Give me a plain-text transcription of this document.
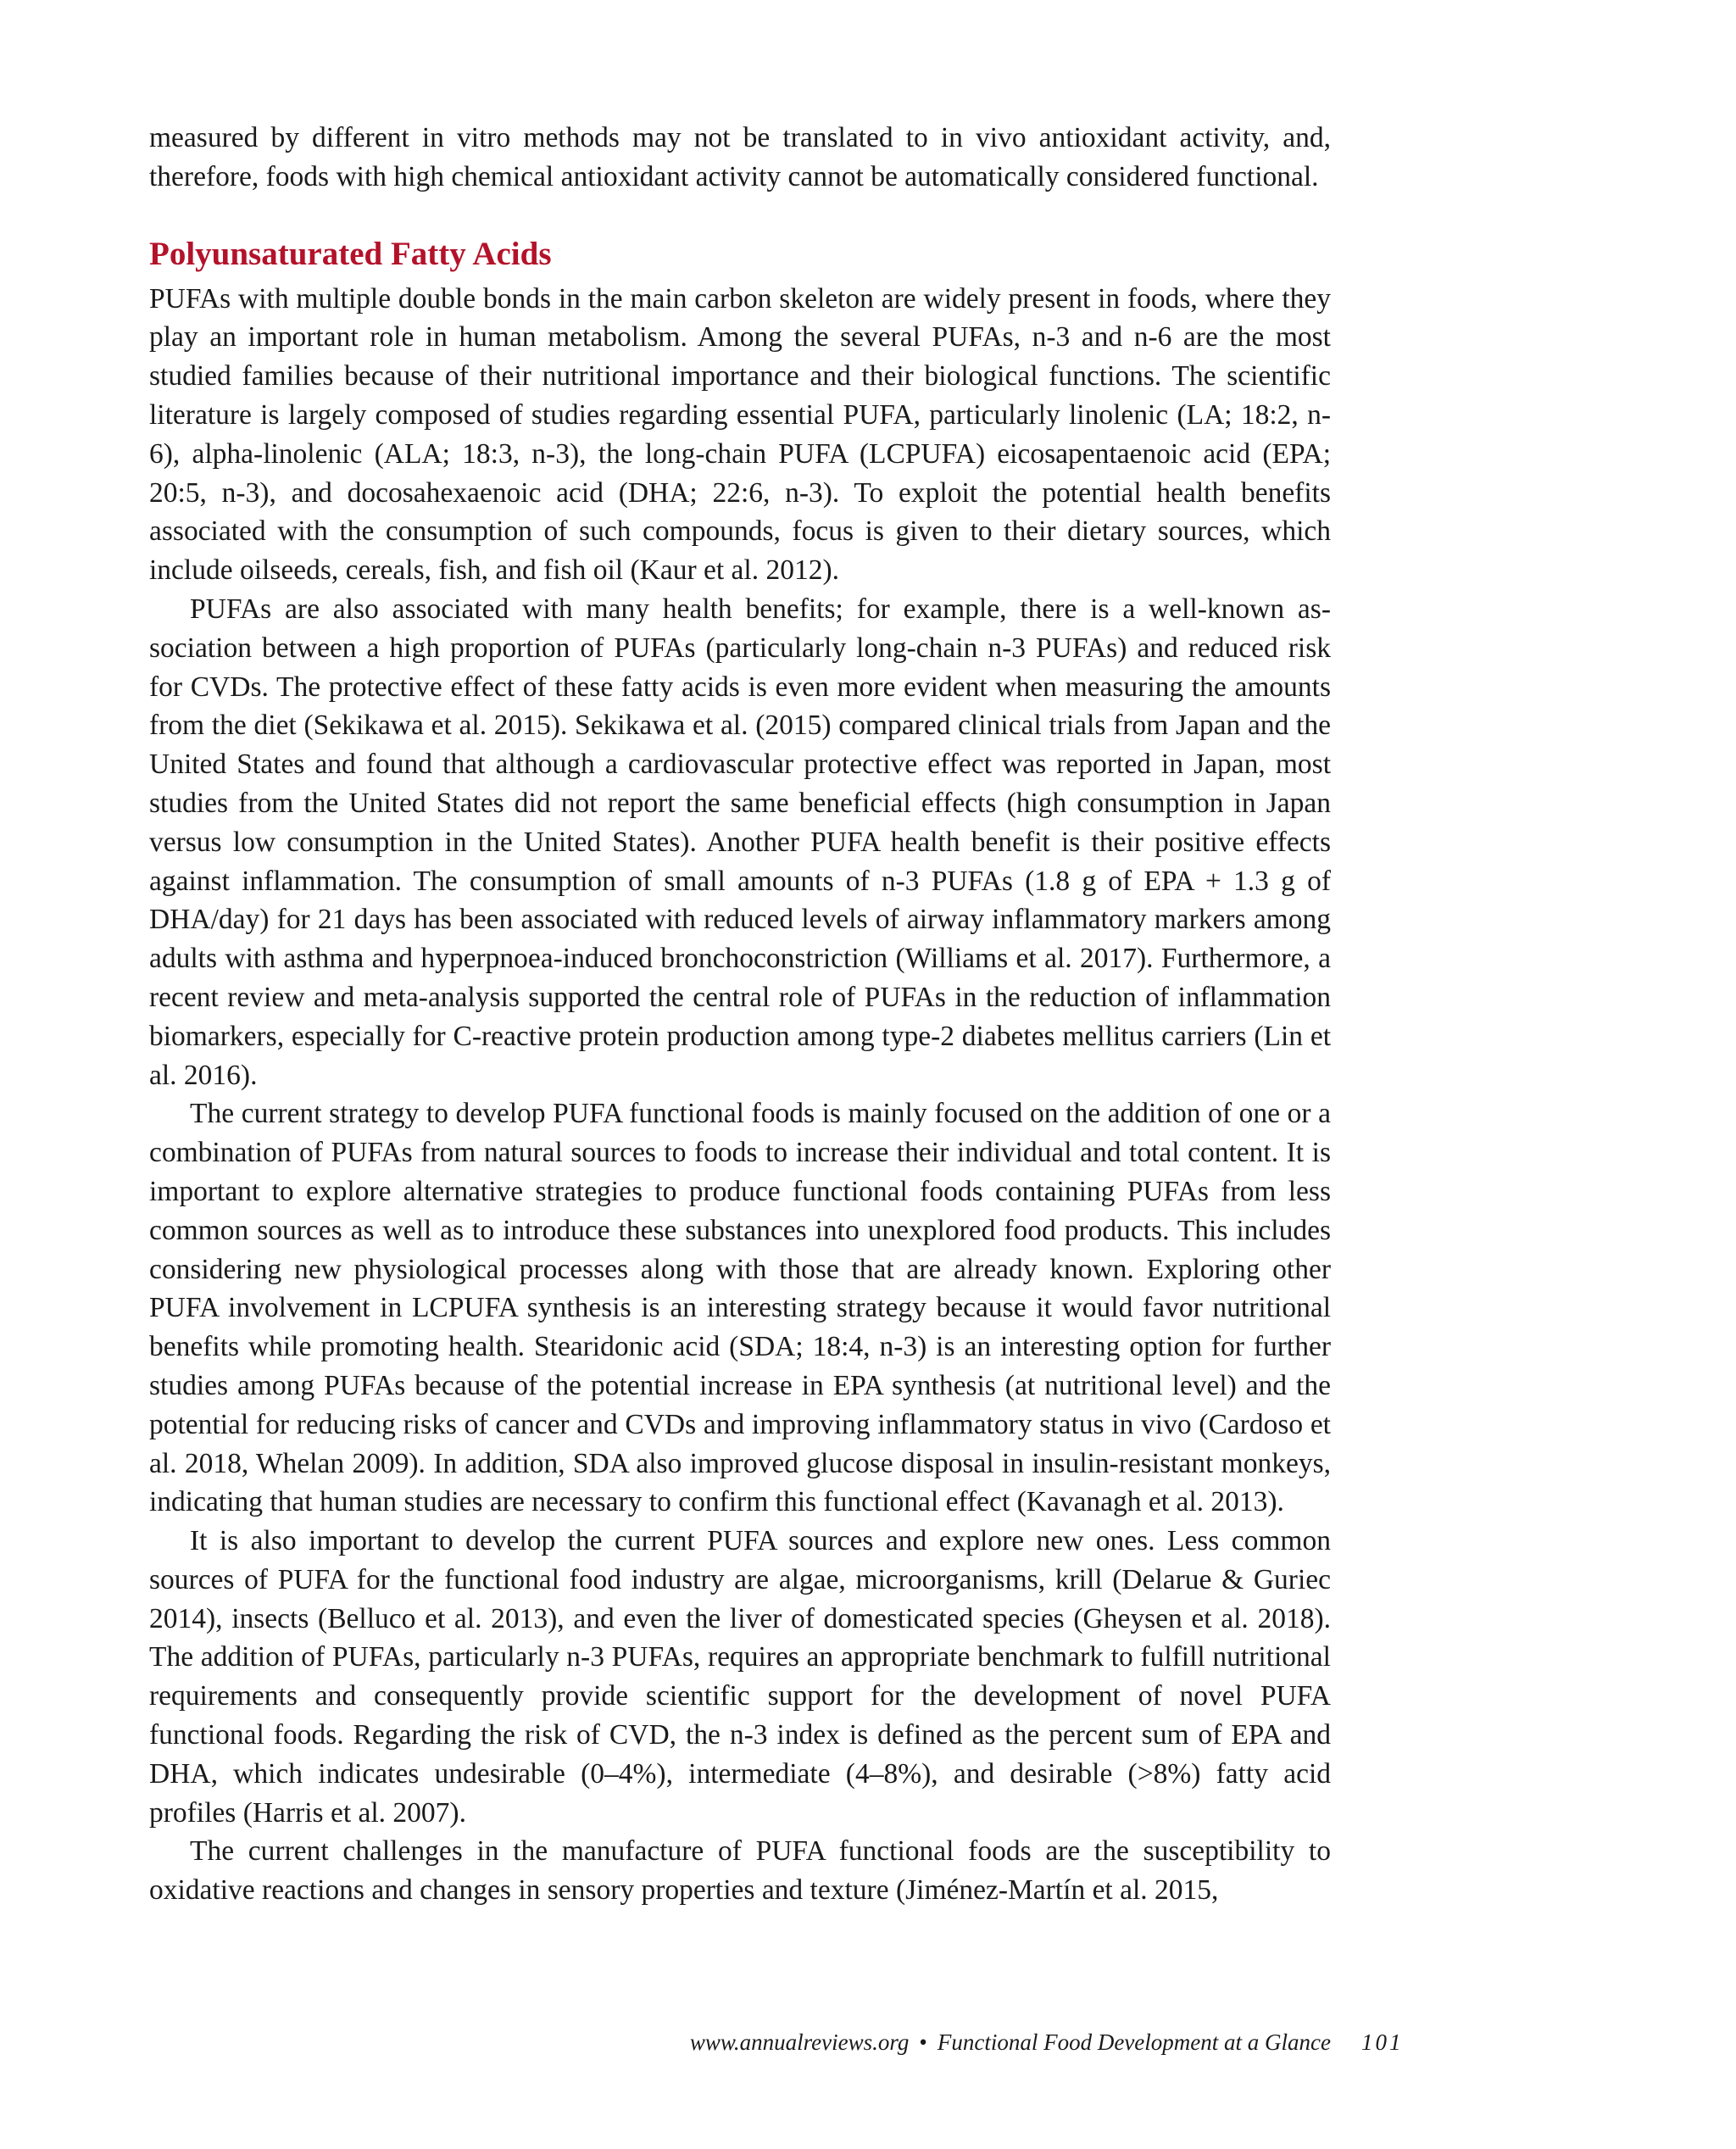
measured by different in vitro methods may not be translated to in vivo antioxidant activity, and, therefore, foods with high chemical antioxidant activity cannot be automatically considered functional.

Polyunsaturated Fatty Acids

PUFAs with multiple double bonds in the main carbon skeleton are widely present in foods, where they play an important role in human metabolism. Among the several PUFAs, n-3 and n-6 are the most studied families because of their nutritional importance and their biological functions. The scientific literature is largely composed of studies regarding essential PUFA, particularly linolenic (LA; 18:2, n-6), alpha-linolenic (ALA; 18:3, n-3), the long-chain PUFA (LCPUFA) eicosapentaenoic acid (EPA; 20:5, n-3), and docosahexaenoic acid (DHA; 22:6, n-3). To exploit the potential health benefits associated with the consumption of such compounds, focus is given to their dietary sources, which include oilseeds, cereals, fish, and fish oil (Kaur et al. 2012).

PUFAs are also associated with many health benefits; for example, there is a well-known association between a high proportion of PUFAs (particularly long-chain n-3 PUFAs) and reduced risk for CVDs. The protective effect of these fatty acids is even more evident when measuring the amounts from the diet (Sekikawa et al. 2015). Sekikawa et al. (2015) compared clinical trials from Japan and the United States and found that although a cardiovascular protective effect was reported in Japan, most studies from the United States did not report the same beneficial effects (high consumption in Japan versus low consumption in the United States). Another PUFA health benefit is their positive effects against inflammation. The consumption of small amounts of n-3 PUFAs (1.8 g of EPA + 1.3 g of DHA/day) for 21 days has been associated with reduced levels of airway inflammatory markers among adults with asthma and hyperpnoea-induced bronchoconstriction (Williams et al. 2017). Furthermore, a recent review and meta-analysis supported the central role of PUFAs in the reduction of inflammation biomarkers, especially for C-reactive protein production among type-2 diabetes mellitus carriers (Lin et al. 2016).

The current strategy to develop PUFA functional foods is mainly focused on the addition of one or a combination of PUFAs from natural sources to foods to increase their individual and total content. It is important to explore alternative strategies to produce functional foods containing PUFAs from less common sources as well as to introduce these substances into unexplored food products. This includes considering new physiological processes along with those that are already known. Exploring other PUFA involvement in LCPUFA synthesis is an interesting strategy because it would favor nutritional benefits while promoting health. Stearidonic acid (SDA; 18:4, n-3) is an interesting option for further studies among PUFAs because of the potential increase in EPA synthesis (at nutritional level) and the potential for reducing risks of cancer and CVDs and improving inflammatory status in vivo (Cardoso et al. 2018, Whelan 2009). In addition, SDA also improved glucose disposal in insulin-resistant monkeys, indicating that human studies are necessary to confirm this functional effect (Kavanagh et al. 2013).

It is also important to develop the current PUFA sources and explore new ones. Less common sources of PUFA for the functional food industry are algae, microorganisms, krill (Delarue & Guriec 2014), insects (Belluco et al. 2013), and even the liver of domesticated species (Gheysen et al. 2018). The addition of PUFAs, particularly n-3 PUFAs, requires an appropriate benchmark to fulfill nutritional requirements and consequently provide scientific support for the development of novel PUFA functional foods. Regarding the risk of CVD, the n-3 index is defined as the percent sum of EPA and DHA, which indicates undesirable (0–4%), intermediate (4–8%), and desirable (>8%) fatty acid profiles (Harris et al. 2007).

The current challenges in the manufacture of PUFA functional foods are the susceptibility to oxidative reactions and changes in sensory properties and texture (Jiménez-Martín et al. 2015,

www.annualreviews.org • Functional Food Development at a Glance 101
